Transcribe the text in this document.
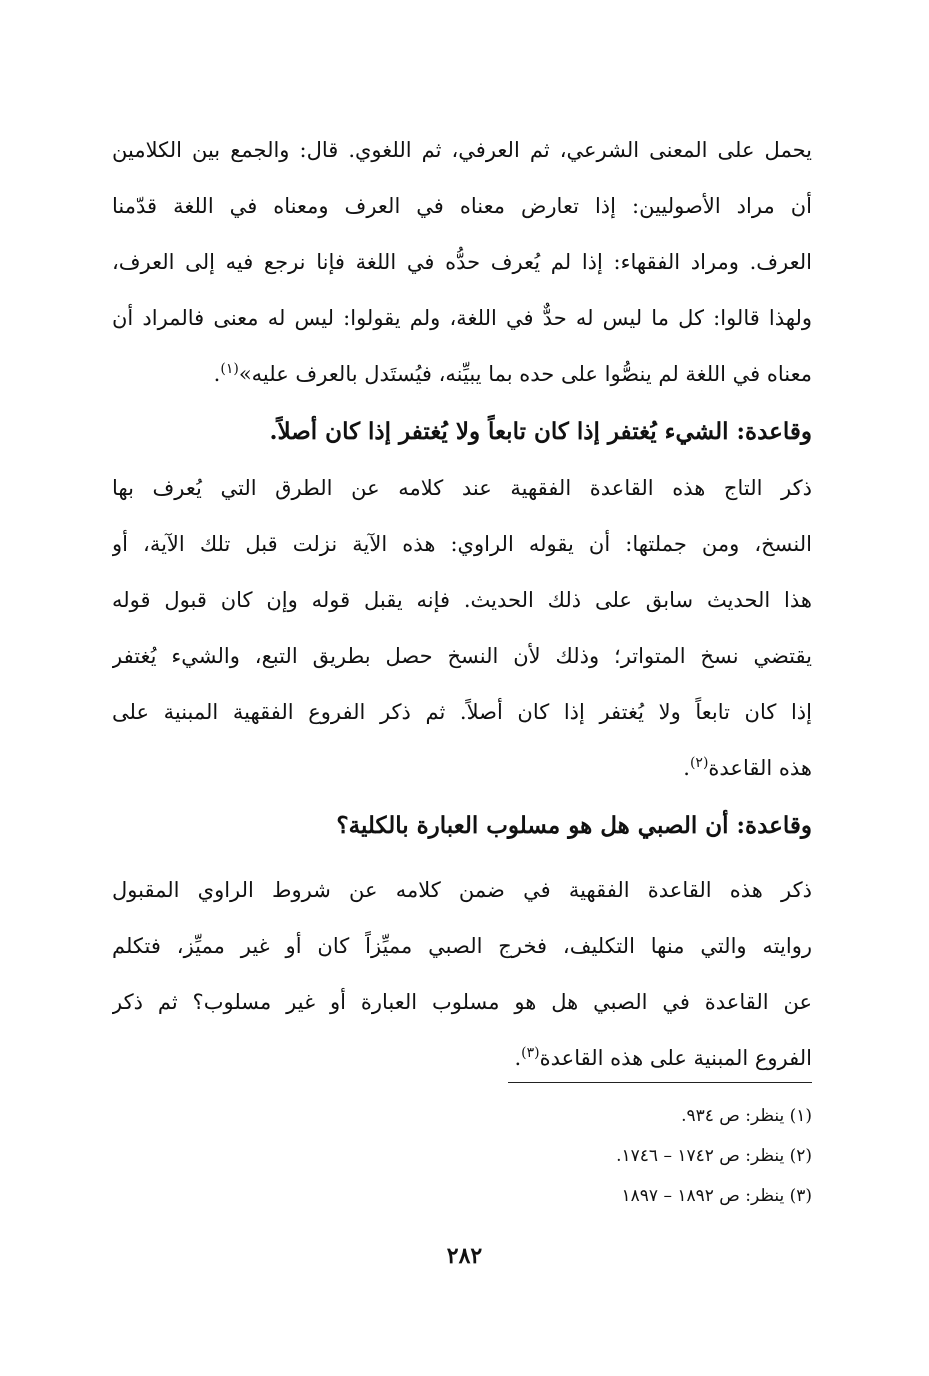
يحمل على المعنى الشرعي، ثم العرفي، ثم اللغوي. قال: والجمع بين الكلامين
أن مراد الأصوليين: إذا تعارض معناه في العرف ومعناه في اللغة قدّمنا
العرف. ومراد الفقهاء: إذا لم يُعرف حدُّه في اللغة فإنا نرجع فيه إلى العرف،
ولهذا قالوا: كل ما ليس له حدٌّ في اللغة، ولم يقولوا: ليس له معنى فالمراد أن
معناه في اللغة لم ينصُّوا على حده بما يبيِّنه، فيُستَدل بالعرف عليه»$^{(١)}$.
وقاعدة: الشيء يُغتفر إذا كان تابعاً ولا يُغتفر إذا كان أصلاً.
ذكر التاج هذه القاعدة الفقهية عند كلامه عن الطرق التي يُعرف بها
النسخ، ومن جملتها: أن يقوله الراوي: هذه الآية نزلت قبل تلك الآية، أو
هذا الحديث سابق على ذلك الحديث. فإنه يقبل قوله وإن كان قبول قوله
يقتضي نسخ المتواتر؛ وذلك لأن النسخ حصل بطريق التبع، والشيء يُغتفر
إذا كان تابعاً ولا يُغتفر إذا كان أصلاً. ثم ذكر الفروع الفقهية المبنية على
هذه القاعدة$^{(٢)}$.
وقاعدة: أن الصبي هل هو مسلوب العبارة بالكلية؟
ذكر هذه القاعدة الفقهية في ضمن كلامه عن شروط الراوي المقبول
روايته والتي منها التكليف، فخرج الصبي مميِّزاً كان أو غير مميِّز، فتكلم
عن القاعدة في الصبي هل هو مسلوب العبارة أو غير مسلوب؟ ثم ذكر
الفروع المبنية على هذه القاعدة$^{(٣)}$.
(١) ينظر: ص ٩٣٤.
(٢) ينظر: ص ١٧٤٢ – ١٧٤٦.
(٣) ينظر: ص ١٨٩٢ – ١٨٩٧
٢٨٢
